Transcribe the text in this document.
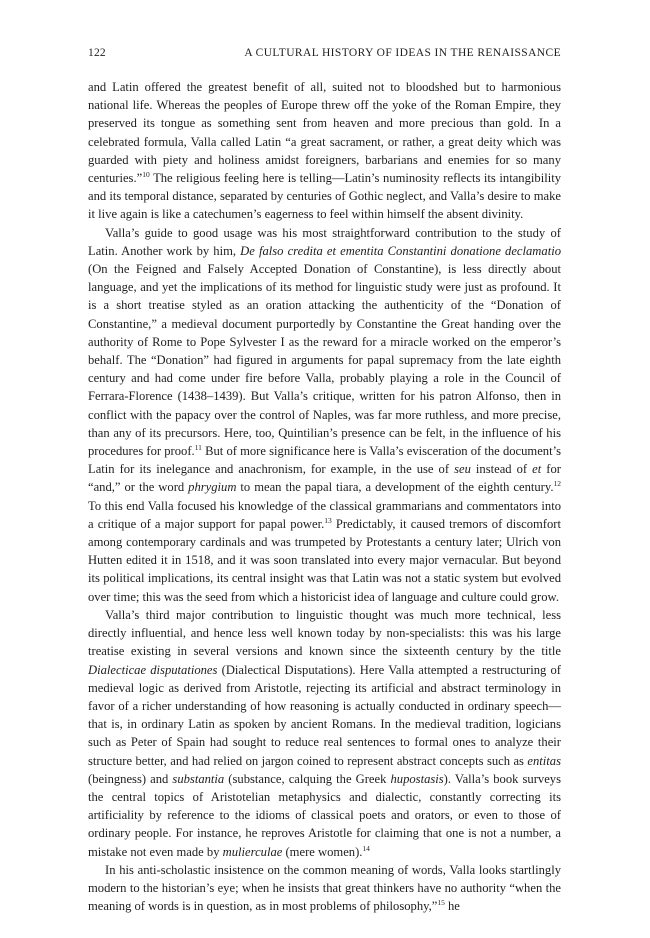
122	A CULTURAL HISTORY OF IDEAS IN THE RENAISSANCE

and Latin offered the greatest benefit of all, suited not to bloodshed but to harmonious national life. Whereas the peoples of Europe threw off the yoke of the Roman Empire, they preserved its tongue as something sent from heaven and more precious than gold. In a celebrated formula, Valla called Latin “a great sacrament, or rather, a great deity which was guarded with piety and holiness amidst foreigners, barbarians and enemies for so many centuries.”$^{10}$ The religious feeling here is telling—Latin’s numinosity reflects its intangibility and its temporal distance, separated by centuries of Gothic neglect, and Valla’s desire to make it live again is like a catechumen’s eagerness to feel within himself the absent divinity.

Valla’s guide to good usage was his most straightforward contribution to the study of Latin. Another work by him, De falso credita et ementita Constantini donatione declamatio (On the Feigned and Falsely Accepted Donation of Constantine), is less directly about language, and yet the implications of its method for linguistic study were just as profound. It is a short treatise styled as an oration attacking the authenticity of the “Donation of Constantine,” a medieval document purportedly by Constantine the Great handing over the authority of Rome to Pope Sylvester I as the reward for a miracle worked on the emperor’s behalf. The “Donation” had figured in arguments for papal supremacy from the late eighth century and had come under fire before Valla, probably playing a role in the Council of Ferrara-Florence (1438–1439). But Valla’s critique, written for his patron Alfonso, then in conflict with the papacy over the control of Naples, was far more ruthless, and more precise, than any of its precursors. Here, too, Quintilian’s presence can be felt, in the influence of his procedures for proof.$^{11}$ But of more significance here is Valla’s evisceration of the document’s Latin for its inelegance and anachronism, for example, in the use of seu instead of et for “and,” or the word phrygium to mean the papal tiara, a development of the eighth century.$^{12}$ To this end Valla focused his knowledge of the classical grammarians and commentators into a critique of a major support for papal power.$^{13}$ Predictably, it caused tremors of discomfort among contemporary cardinals and was trumpeted by Protestants a century later; Ulrich von Hutten edited it in 1518, and it was soon translated into every major vernacular. But beyond its political implications, its central insight was that Latin was not a static system but evolved over time; this was the seed from which a historicist idea of language and culture could grow.

Valla’s third major contribution to linguistic thought was much more technical, less directly influential, and hence less well known today by non-specialists: this was his large treatise existing in several versions and known since the sixteenth century by the title Dialecticae disputationes (Dialectical Disputations). Here Valla attempted a restructuring of medieval logic as derived from Aristotle, rejecting its artificial and abstract terminology in favor of a richer understanding of how reasoning is actually conducted in ordinary speech—that is, in ordinary Latin as spoken by ancient Romans. In the medieval tradition, logicians such as Peter of Spain had sought to reduce real sentences to formal ones to analyze their structure better, and had relied on jargon coined to represent abstract concepts such as entitas (beingness) and substantia (substance, calquing the Greek hupostasis). Valla’s book surveys the central topics of Aristotelian metaphysics and dialectic, constantly correcting its artificiality by reference to the idioms of classical poets and orators, or even to those of ordinary people. For instance, he reproves Aristotle for claiming that one is not a number, a mistake not even made by mulierculae (mere women).$^{14}$

In his anti-scholastic insistence on the common meaning of words, Valla looks startlingly modern to the historian’s eye; when he insists that great thinkers have no authority “when the meaning of words is in question, as in most problems of philosophy,”$^{15}$ he
